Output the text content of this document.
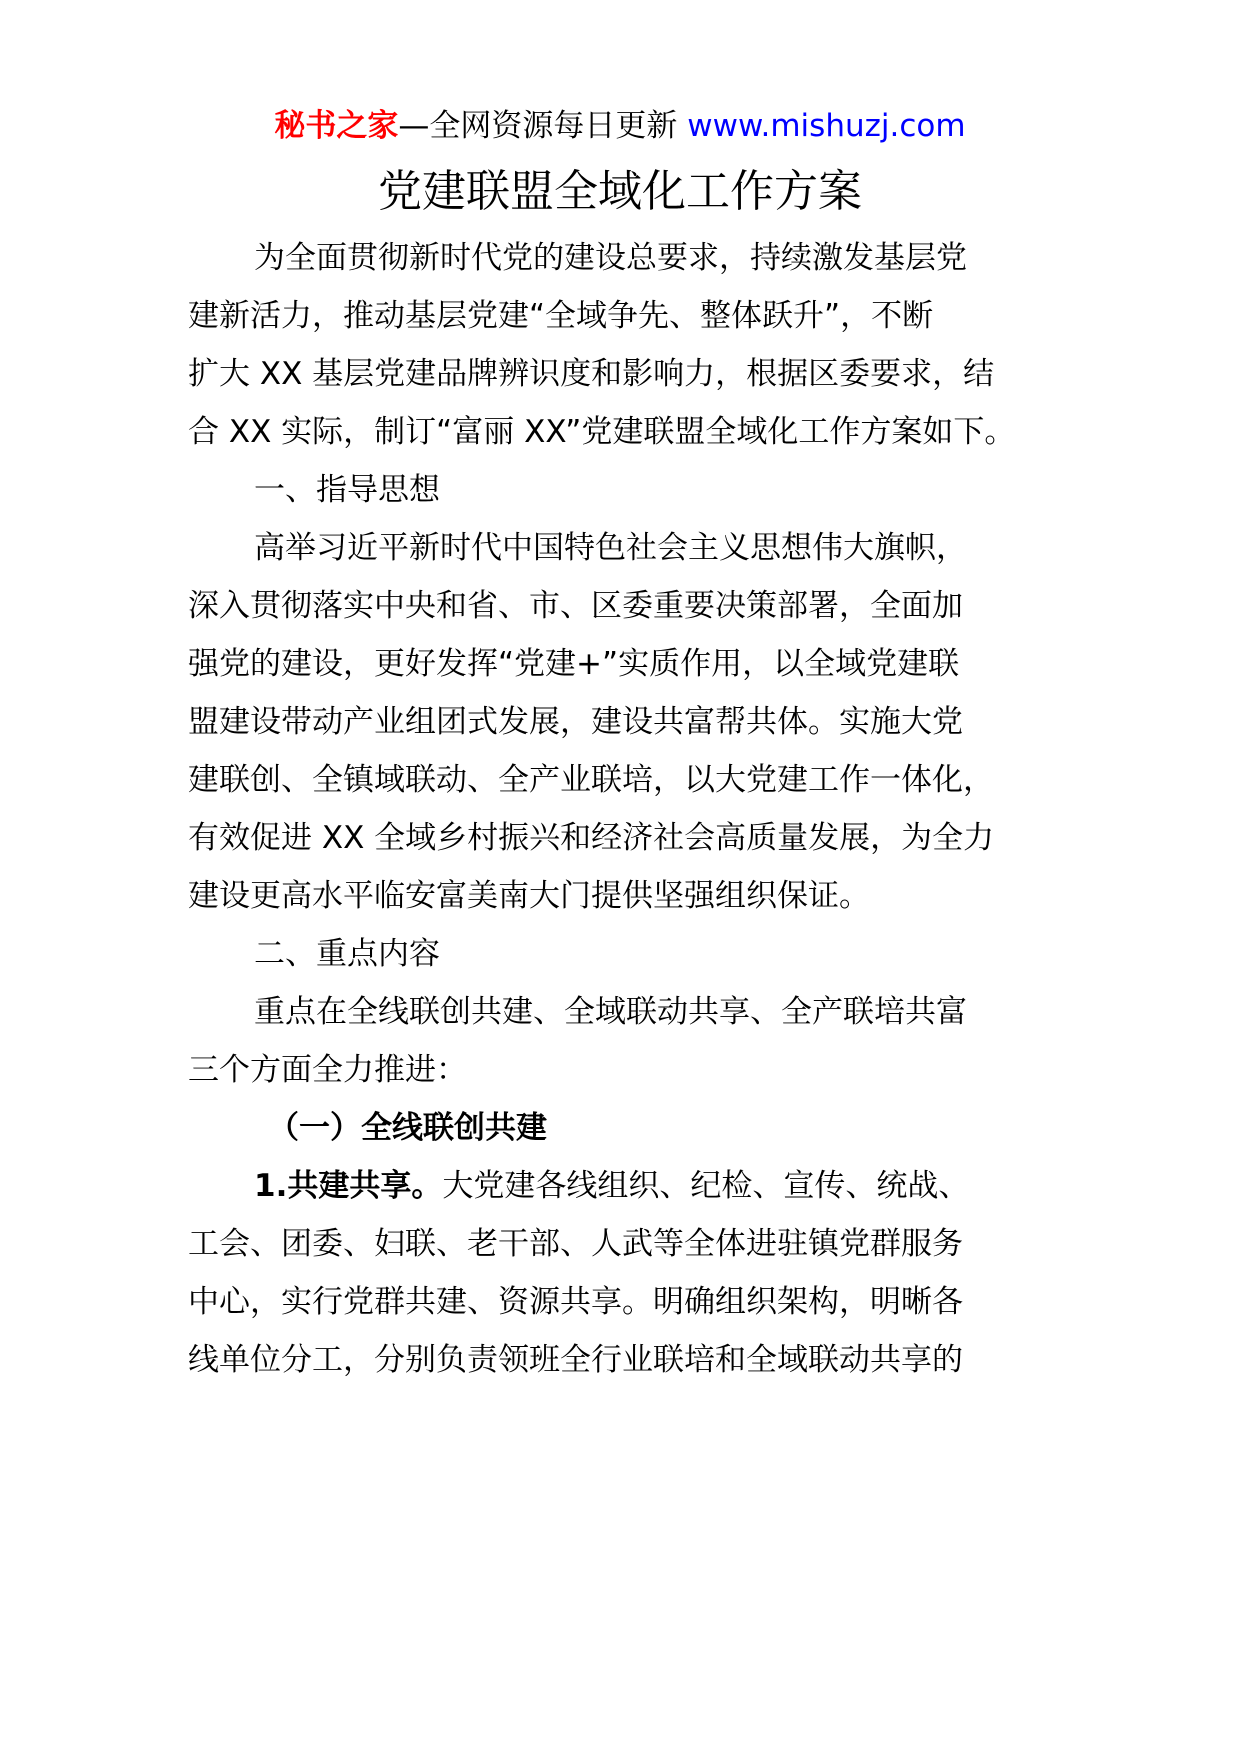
秘书之家—全网资源每日更新 www.mishuzj.com
党建联盟全域化工作方案
为全面贯彻新时代党的建设总要求，持续激发基层党
建新活力，推动基层党建“全域争先、整体跃升”，不断
扩大 XX 基层党建品牌辨识度和影响力，根据区委要求，结
合 XX 实际，制订“富丽 XX”党建联盟全域化工作方案如下。
一、指导思想
高举习近平新时代中国特色社会主义思想伟大旗帜，
深入贯彻落实中央和省、市、区委重要决策部署，全面加
强党的建设，更好发挥“党建+”实质作用，以全域党建联
盟建设带动产业组团式发展，建设共富帮共体。实施大党
建联创、全镇域联动、全产业联培，以大党建工作一体化，
有效促进 XX 全域乡村振兴和经济社会高质量发展，为全力
建设更高水平临安富美南大门提供坚强组织保证。
二、重点内容
重点在全线联创共建、全域联动共享、全产联培共富
三个方面全力推进：
（一）全线联创共建
1.共建共享。大党建各线组织、纪检、宣传、统战、
工会、团委、妇联、老干部、人武等全体进驻镇党群服务
中心，实行党群共建、资源共享。明确组织架构，明晰各
线单位分工，分别负责领班全行业联培和全域联动共享的
